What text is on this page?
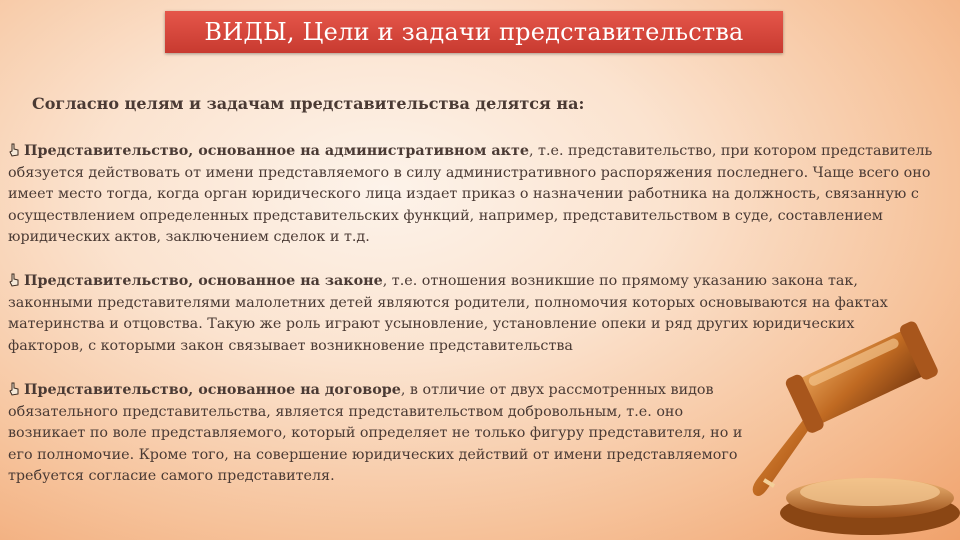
ВИДЫ, Цели и задачи представительства

Согласно целям и задачам представительства делятся на:

Представительство, основанное на административном акте, т.е. представительство, при котором представитель обязуется действовать от имени представляемого в силу административного распоряжения последнего. Чаще всего оно имеет место тогда, когда орган юридического лица издает приказ о назначении работника на должность, связанную с осуществлением определенных представительских функций, например, представительством в суде, составлением юридических актов, заключением сделок и т.д.

Представительство, основанное на законе, т.е. отношения возникшие по прямому указанию закона так, законными представителями малолетних детей являются родители, полномочия которых основываются на фактах материнства и отцовства. Такую же роль играют усыновление, установление опеки и ряд других юридических факторов, с которыми закон связывает возникновение представительства

Представительство, основанное на договоре, в отличие от двух рассмотренных видов обязательного представительства, является представительством добровольным, т.е. оно возникает по воле представляемого, который определяет не только фигуру представителя, но и его полномочие. Кроме того, на совершение юридических действий от имени представляемого требуется согласие самого представителя.
